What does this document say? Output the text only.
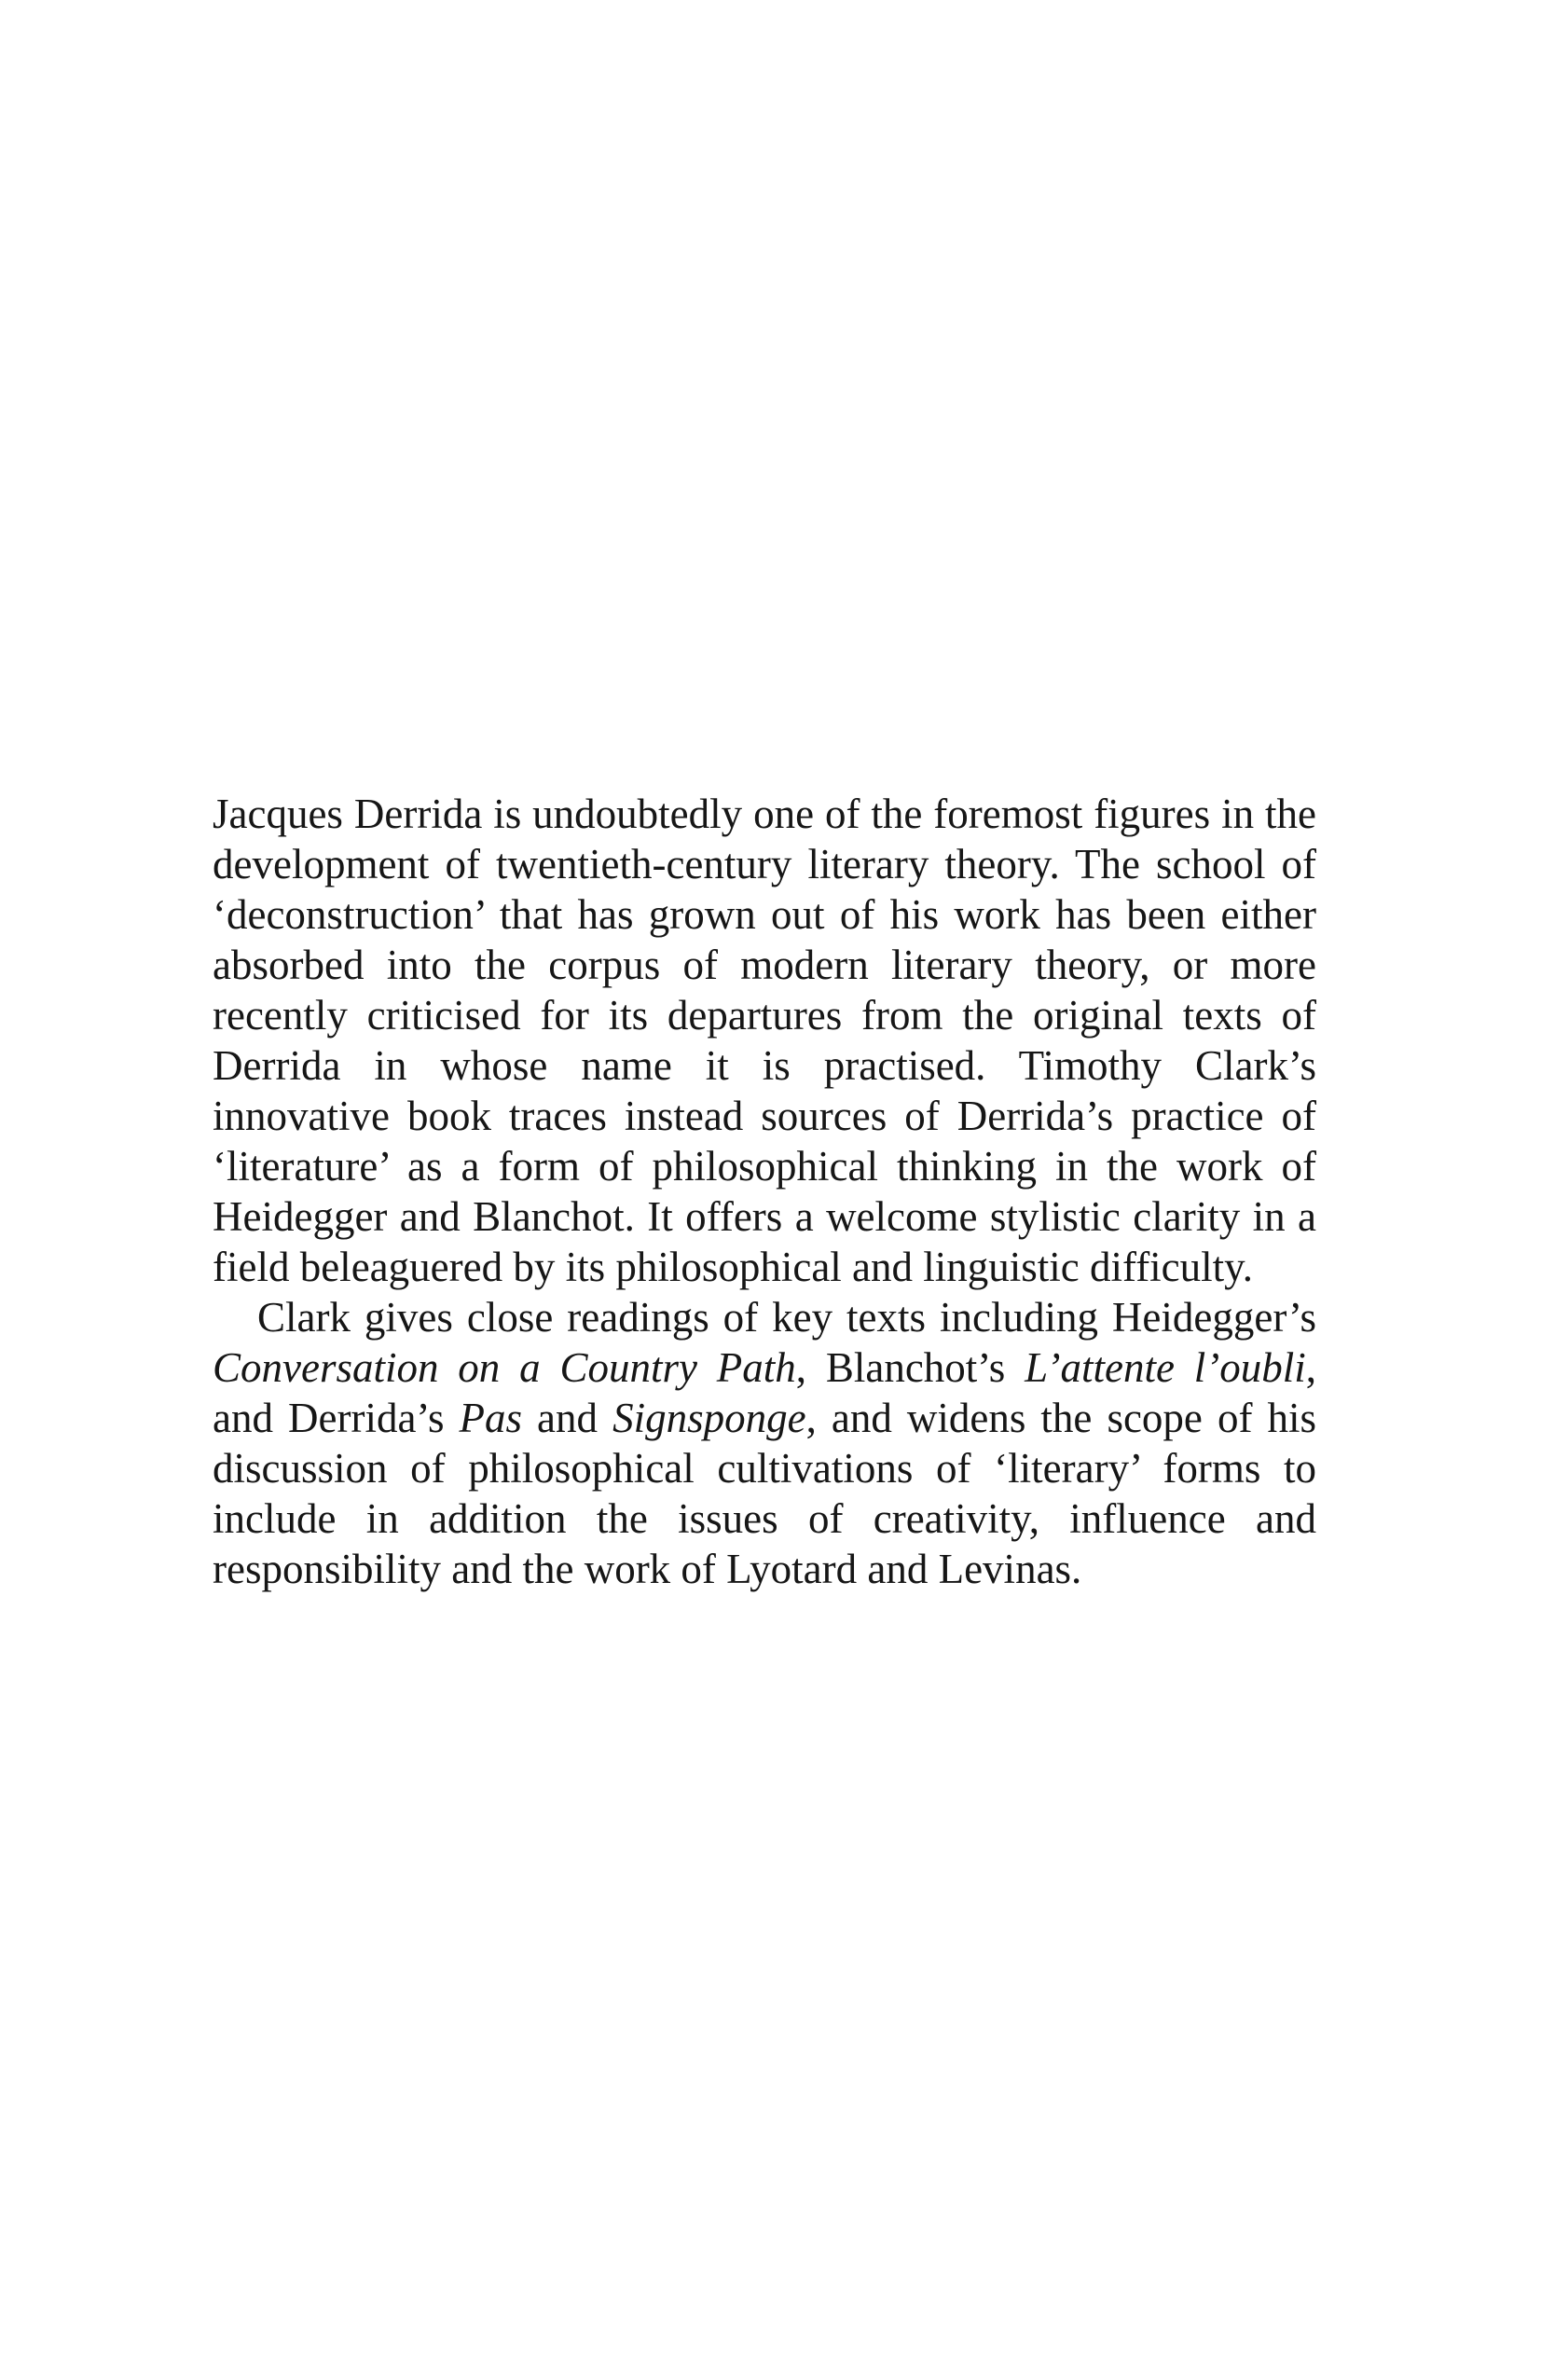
Jacques Derrida is undoubtedly one of the foremost figures in the development of twentieth-century literary theory. The school of ‘deconstruction’ that has grown out of his work has been either absorbed into the corpus of modern literary theory, or more recently criticised for its departures from the original texts of Derrida in whose name it is practised. Timothy Clark’s innovative book traces instead sources of Derrida’s practice of ‘literature’ as a form of philosophical thinking in the work of Heidegger and Blanchot. It offers a welcome stylistic clarity in a field beleaguered by its philosophical and linguistic difficulty.

Clark gives close readings of key texts including Heidegger’s Conversation on a Country Path, Blanchot’s L’attente l’oubli, and Derrida’s Pas and Signsponge, and widens the scope of his discussion of philosophical cultivations of ‘literary’ forms to include in addition the issues of creativity, influence and responsibility and the work of Lyotard and Levinas.
